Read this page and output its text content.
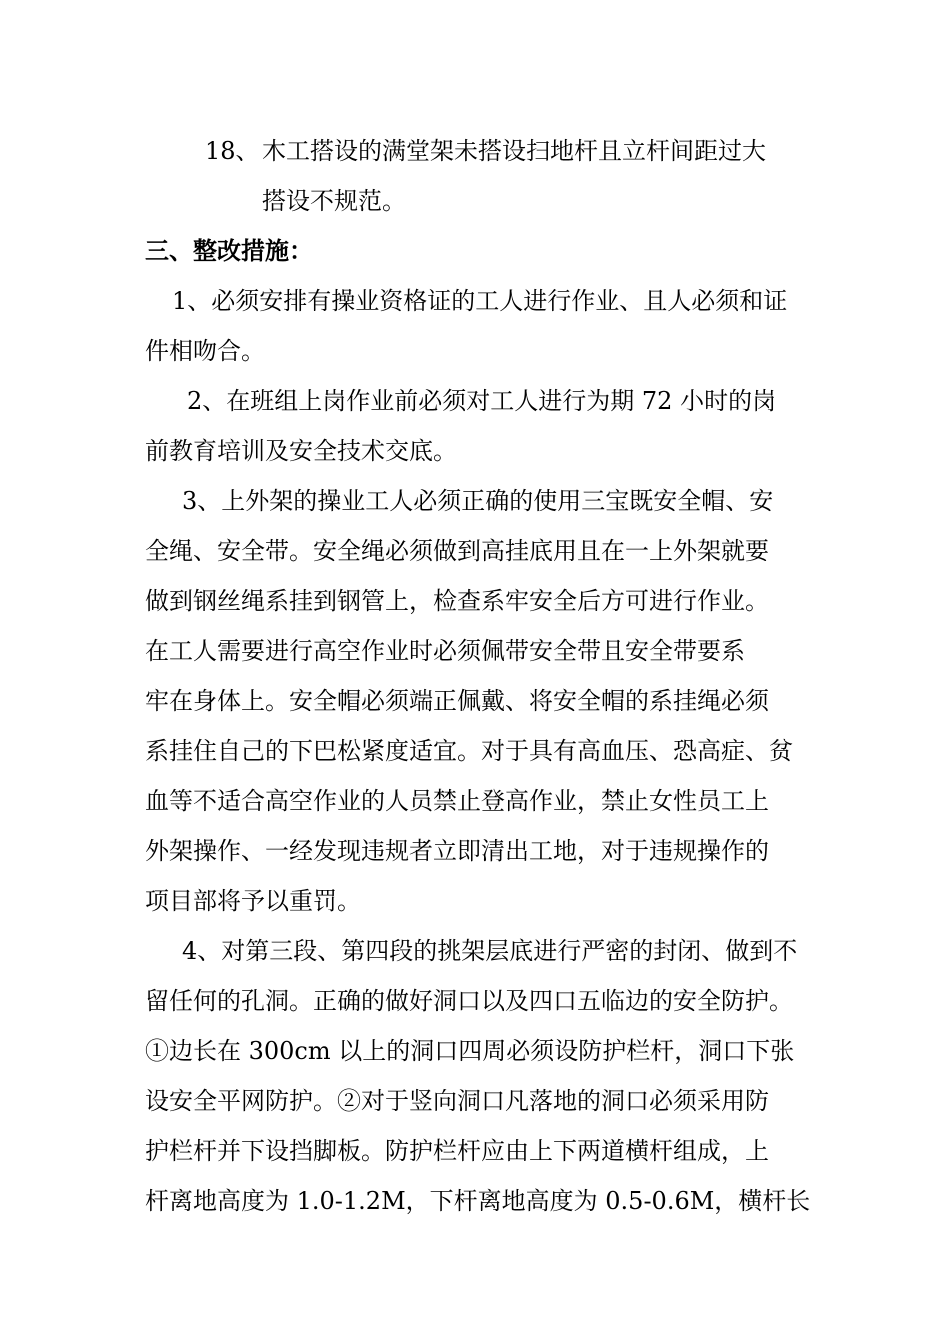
18、 木工搭设的满堂架未搭设扫地杆且立杆间距过大
搭设不规范。
三、整改措施：
1、必须安排有操业资格证的工人进行作业、且人必须和证
件相吻合。
2、在班组上岗作业前必须对工人进行为期 72 小时的岗
前教育培训及安全技术交底。
3、上外架的操业工人必须正确的使用三宝既安全帽、安
全绳、安全带。安全绳必须做到高挂底用且在一上外架就要
做到钢丝绳系挂到钢管上，检查系牢安全后方可进行作业。
在工人需要进行高空作业时必须佩带安全带且安全带要系
牢在身体上。安全帽必须端正佩戴、将安全帽的系挂绳必须
系挂住自己的下巴松紧度适宜。对于具有高血压、恐高症、贫
血等不适合高空作业的人员禁止登高作业，禁止女性员工上
外架操作、一经发现违规者立即清出工地，对于违规操作的
项目部将予以重罚。
4、对第三段、第四段的挑架层底进行严密的封闭、做到不
留任何的孔洞。正确的做好洞口以及四口五临边的安全防护。
①边长在 300cm 以上的洞口四周必须设防护栏杆，洞口下张
设安全平网防护。②对于竖向洞口凡落地的洞口必须采用防
护栏杆并下设挡脚板。防护栏杆应由上下两道横杆组成，上
杆离地高度为 1.0-1.2M，下杆离地高度为 0.5-0.6M，横杆长
